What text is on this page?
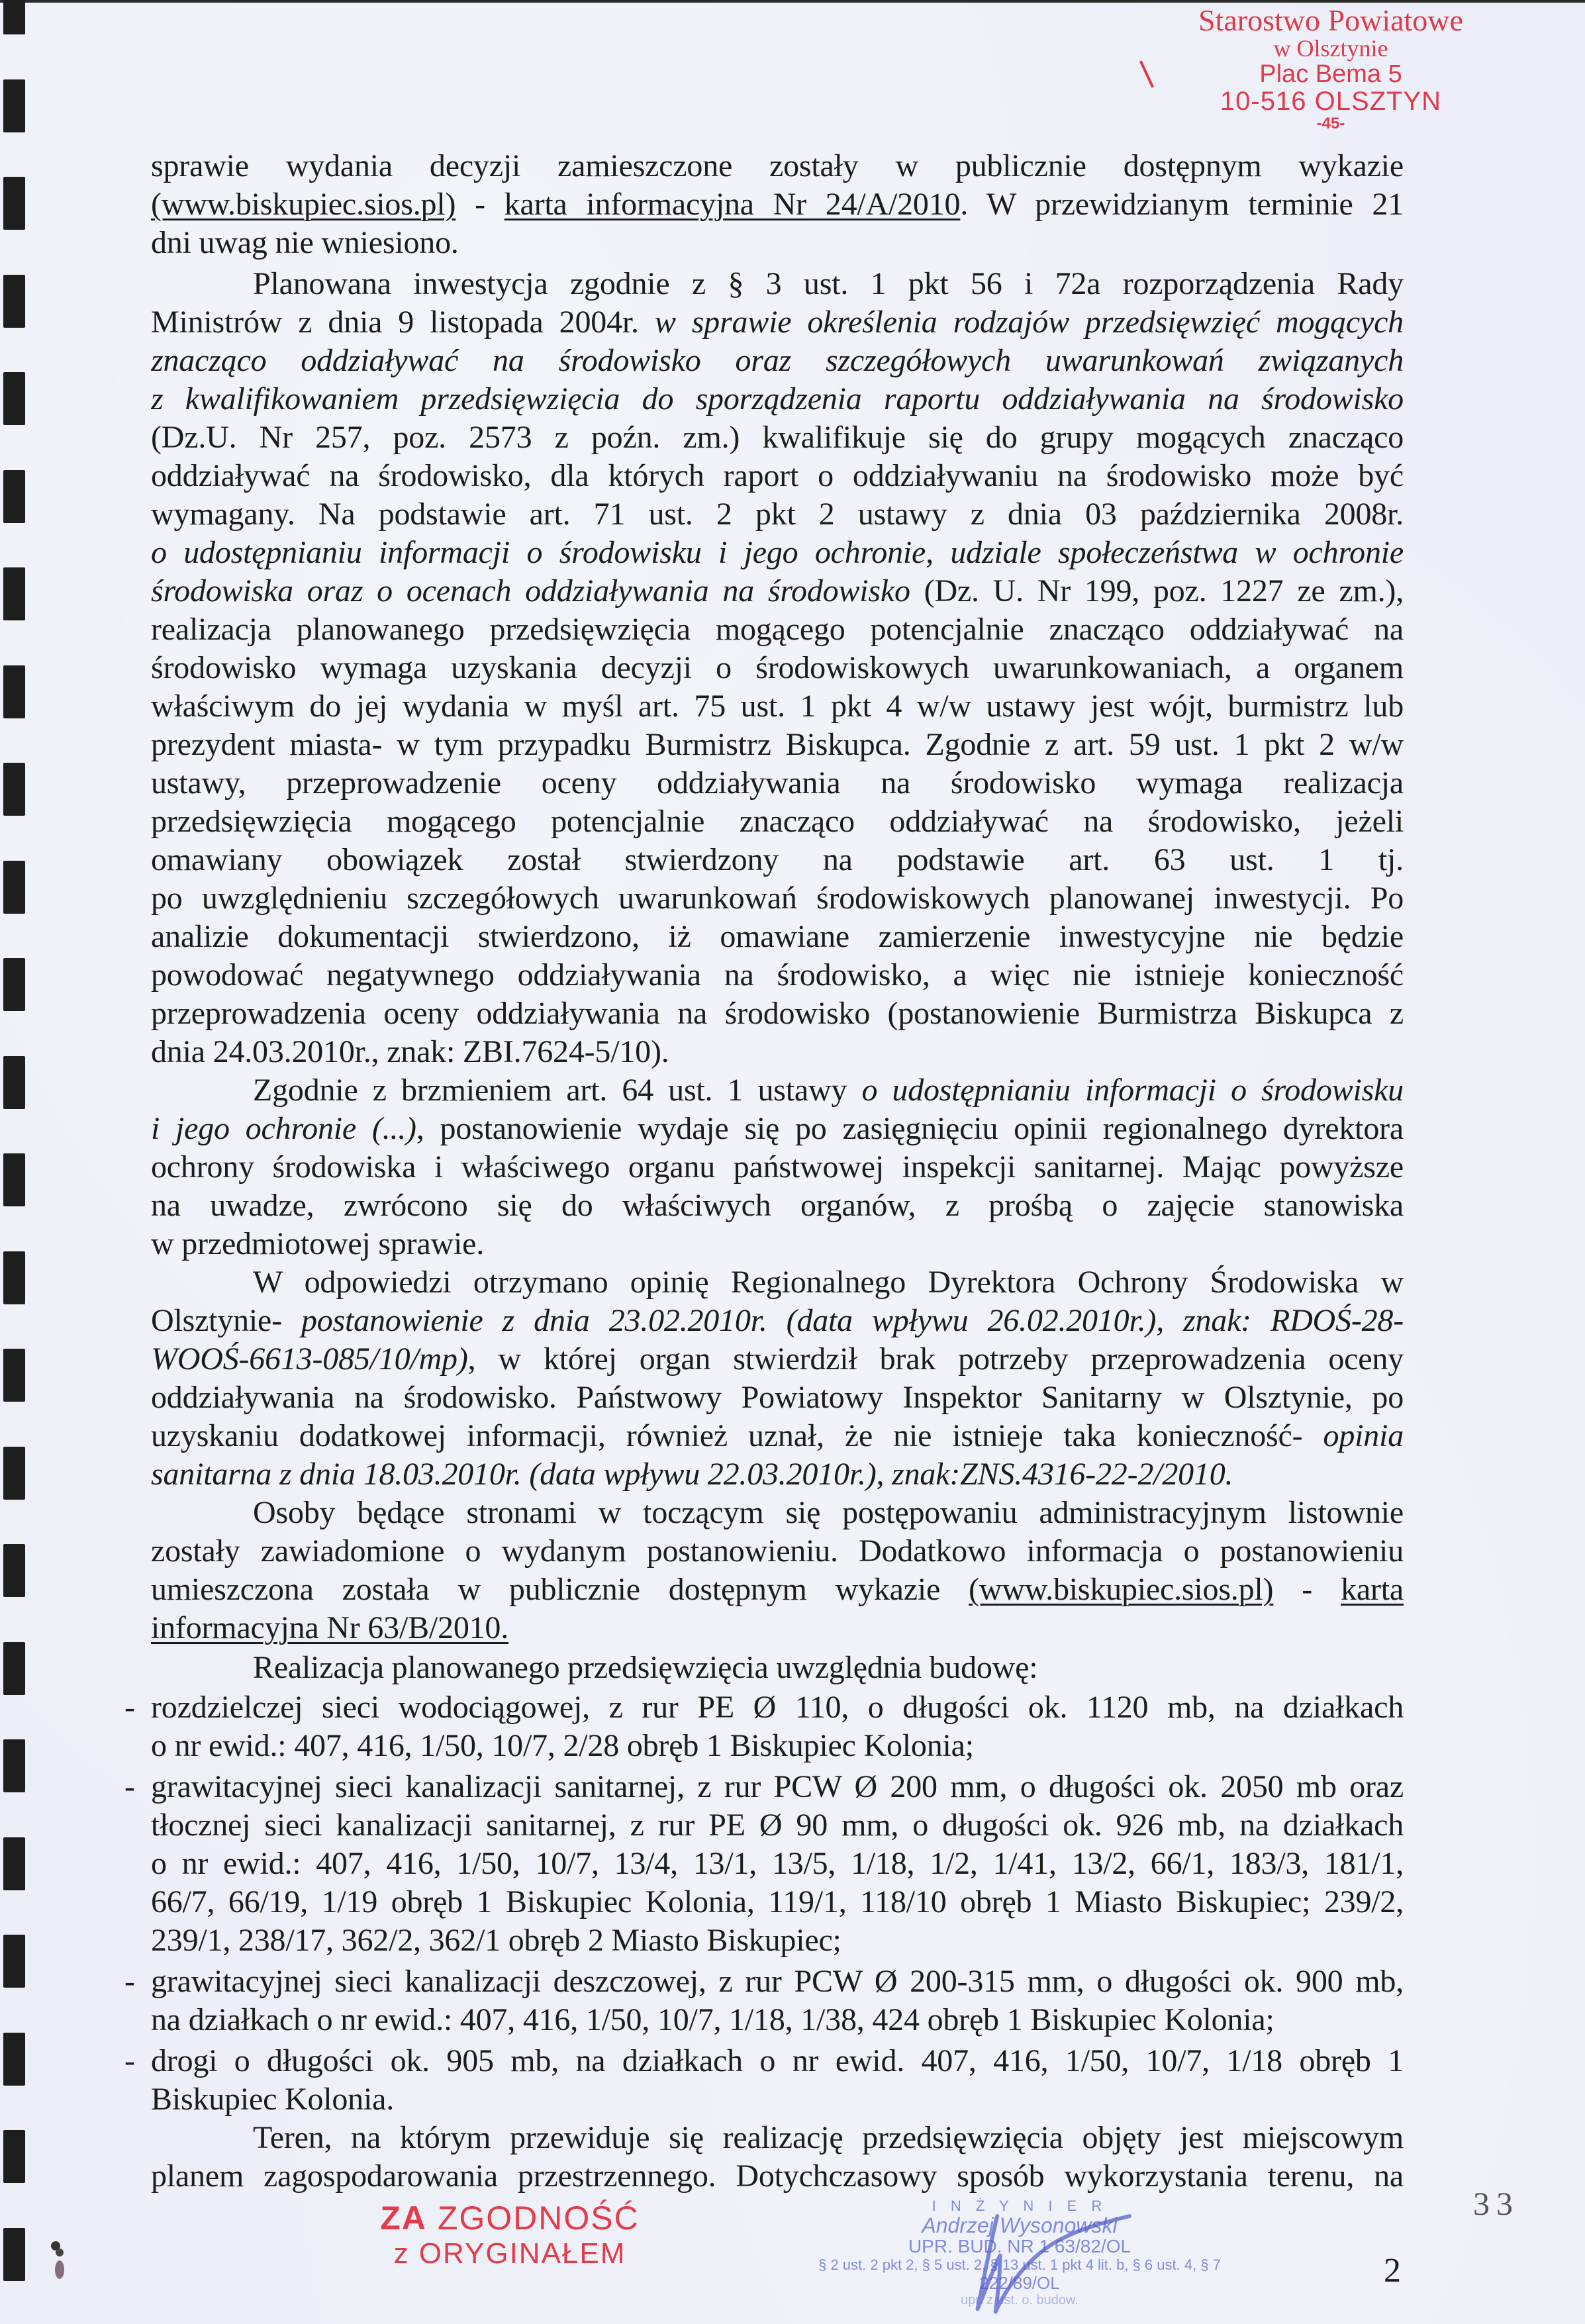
Starostwo Powiatowe
w Olsztynie
Plac Bema 5
10-516 OLSZTYN
-45-
sprawie wydania decyzji zamieszczone zostały w publicznie dostępnym wykazie
(www.biskupiec.sios.pl) - karta informacyjna Nr 24/A/2010. W przewidzianym terminie 21
dni uwag nie wniesiono.
Planowana inwestycja zgodnie z § 3 ust. 1 pkt 56 i 72a rozporządzenia Rady
Ministrów z dnia 9 listopada 2004r. w sprawie określenia rodzajów przedsięwzięć mogących
znacząco oddziaływać na środowisko oraz szczegółowych uwarunkowań związanych
z kwalifikowaniem przedsięwzięcia do sporządzenia raportu oddziaływania na środowisko
(Dz.U. Nr 257, poz. 2573 z poźn. zm.) kwalifikuje się do grupy mogących znacząco
oddziaływać na środowisko, dla których raport o oddziaływaniu na środowisko może być
wymagany. Na podstawie art. 71 ust. 2 pkt 2 ustawy z dnia 03 października 2008r.
o udostępnianiu informacji o środowisku i jego ochronie, udziale społeczeństwa w ochronie
środowiska oraz o ocenach oddziaływania na środowisko (Dz. U. Nr 199, poz. 1227 ze zm.),
realizacja planowanego przedsięwzięcia mogącego potencjalnie znacząco oddziaływać na
środowisko wymaga uzyskania decyzji o środowiskowych uwarunkowaniach, a organem
właściwym do jej wydania w myśl art. 75 ust. 1 pkt 4 w/w ustawy jest wójt, burmistrz lub
prezydent miasta- w tym przypadku Burmistrz Biskupca. Zgodnie z art. 59 ust. 1 pkt 2 w/w
ustawy, przeprowadzenie oceny oddziaływania na środowisko wymaga realizacja
przedsięwzięcia mogącego potencjalnie znacząco oddziaływać na środowisko, jeżeli
omawiany obowiązek został stwierdzony na podstawie art. 63 ust. 1 tj.
po uwzględnieniu szczegółowych uwarunkowań środowiskowych planowanej inwestycji. Po
analizie dokumentacji stwierdzono, iż omawiane zamierzenie inwestycyjne nie będzie
powodować negatywnego oddziaływania na środowisko, a więc nie istnieje konieczność
przeprowadzenia oceny oddziaływania na środowisko (postanowienie Burmistrza Biskupca z
dnia 24.03.2010r., znak: ZBI.7624-5/10).
Zgodnie z brzmieniem art. 64 ust. 1 ustawy o udostępnianiu informacji o środowisku
i jego ochronie (...), postanowienie wydaje się po zasięgnięciu opinii regionalnego dyrektora
ochrony środowiska i właściwego organu państwowej inspekcji sanitarnej. Mając powyższe
na uwadze, zwrócono się do właściwych organów, z prośbą o zajęcie stanowiska
w przedmiotowej sprawie.
W odpowiedzi otrzymano opinię Regionalnego Dyrektora Ochrony Środowiska w
Olsztynie- postanowienie z dnia 23.02.2010r. (data wpływu 26.02.2010r.), znak: RDOŚ-28-
WOOŚ-6613-085/10/mp), w której organ stwierdził brak potrzeby przeprowadzenia oceny
oddziaływania na środowisko. Państwowy Powiatowy Inspektor Sanitarny w Olsztynie, po
uzyskaniu dodatkowej informacji, również uznał, że nie istnieje taka konieczność- opinia
sanitarna z dnia 18.03.2010r. (data wpływu 22.03.2010r.), znak:ZNS.4316-22-2/2010.
Osoby będące stronami w toczącym się postępowaniu administracyjnym listownie
zostały zawiadomione o wydanym postanowieniu. Dodatkowo informacja o postanowieniu
umieszczona została w publicznie dostępnym wykazie (www.biskupiec.sios.pl) - karta
informacyjna Nr 63/B/2010.
Realizacja planowanego przedsięwzięcia uwzględnia budowę:
- rozdzielczej sieci wodociągowej, z rur PE Ø 110, o długości ok. 1120 mb, na działkach
o nr ewid.: 407, 416, 1/50, 10/7, 2/28 obręb 1 Biskupiec Kolonia;
- grawitacyjnej sieci kanalizacji sanitarnej, z rur PCW Ø 200 mm, o długości ok. 2050 mb oraz
tłocznej sieci kanalizacji sanitarnej, z rur PE Ø 90 mm, o długości ok. 926 mb, na działkach
o nr ewid.: 407, 416, 1/50, 10/7, 13/4, 13/1, 13/5, 1/18, 1/2, 1/41, 13/2, 66/1, 183/3, 181/1,
66/7, 66/19, 1/19 obręb 1 Biskupiec Kolonia, 119/1, 118/10 obręb 1 Miasto Biskupiec; 239/2,
239/1, 238/17, 362/2, 362/1 obręb 2 Miasto Biskupiec;
- grawitacyjnej sieci kanalizacji deszczowej, z rur PCW Ø 200-315 mm, o długości ok. 900 mb,
na działkach o nr ewid.: 407, 416, 1/50, 10/7, 1/18, 1/38, 424 obręb 1 Biskupiec Kolonia;
- drogi o długości ok. 905 mb, na działkach o nr ewid. 407, 416, 1/50, 10/7, 1/18 obręb 1
Biskupiec Kolonia.
Teren, na którym przewiduje się realizację przedsięwzięcia objęty jest miejscowym
planem zagospodarowania przestrzennego. Dotychczasowy sposób wykorzystania terenu, na
I N Ż Y N I E R
Andrzej Wysonowski
UPR. BUD. NR 1 63/82/OL
§ 2 ust. 2 pkt 2, § 5 ust. 2, § 13 ust. 1 pkt 4 lit. b, § 6 ust. 4, § 7
222/89/OL
upr. z ust. o. budow.
ZA ZGODNOŚĆ
z ORYGINAŁEM	2
33
